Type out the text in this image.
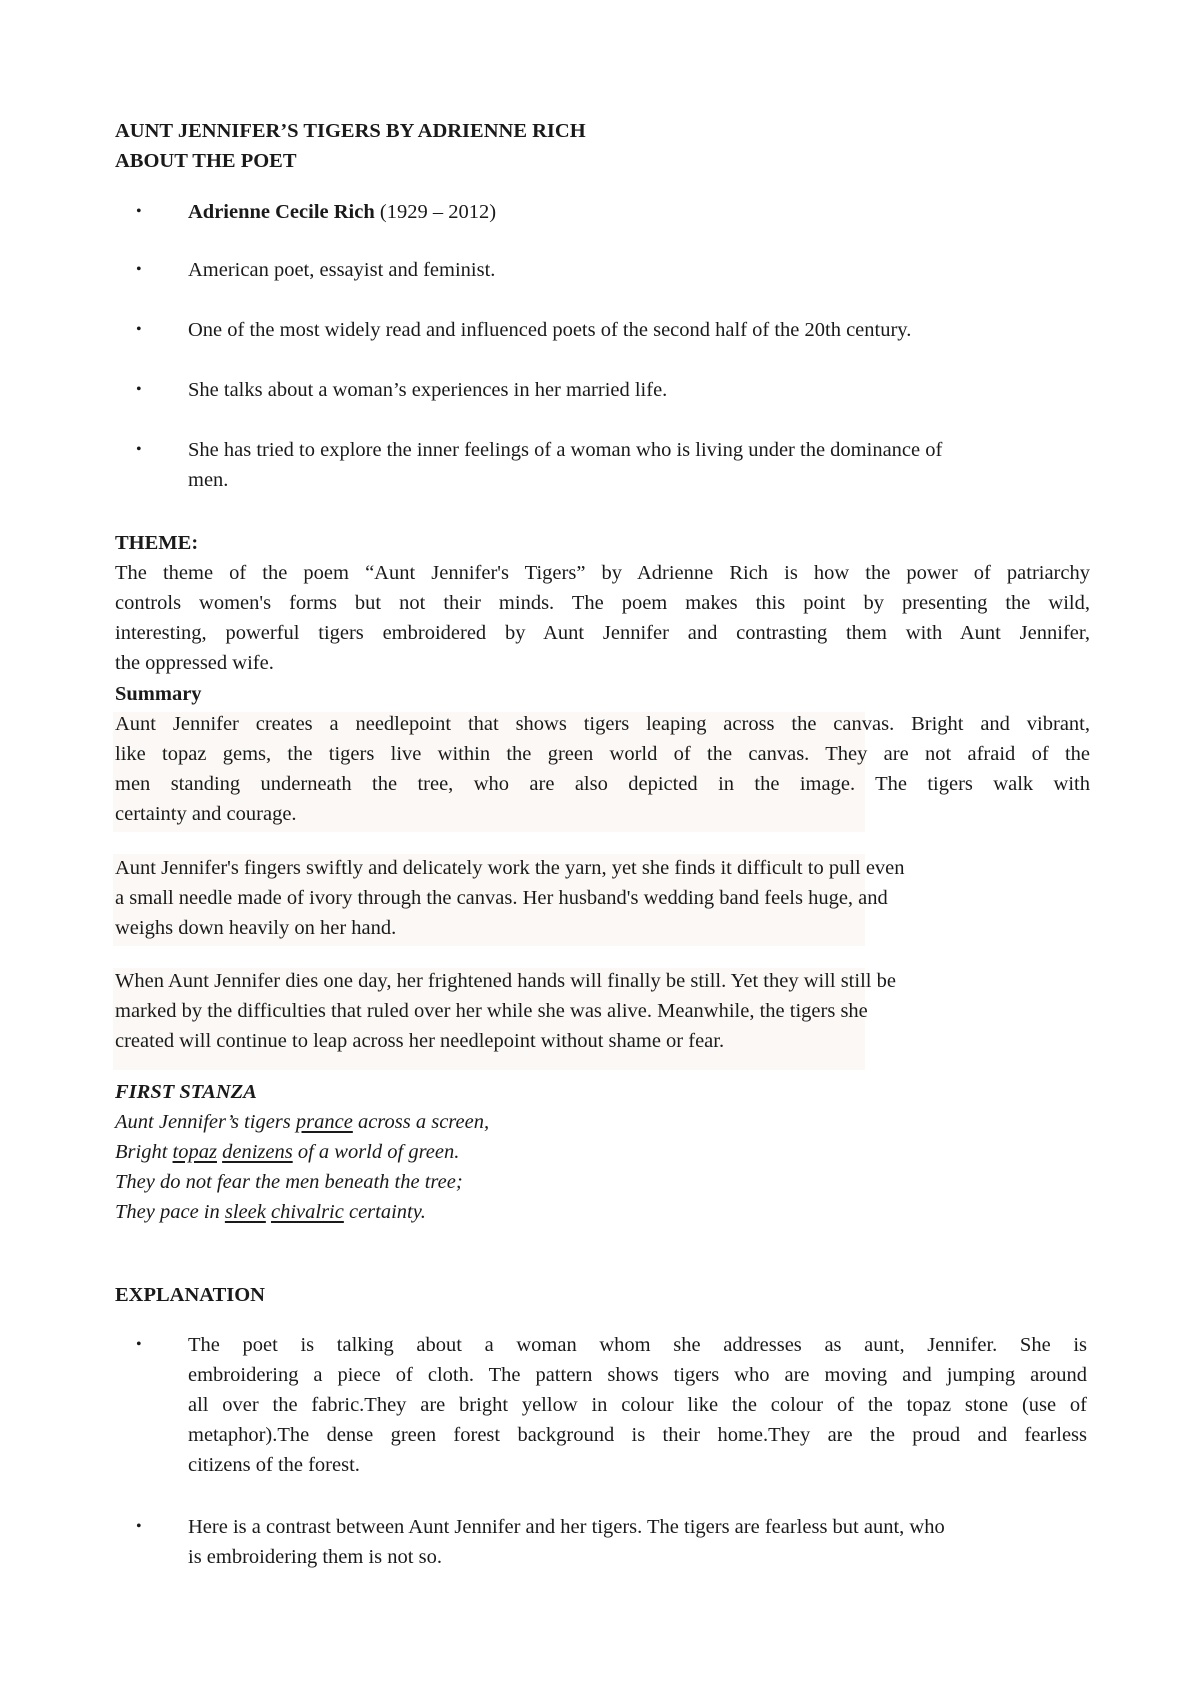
AUNT JENNIFER’S TIGERS BY ADRIENNE RICH
ABOUT THE POET
• Adrienne Cecile Rich (1929 – 2012)
• American poet, essayist and feminist.
• One of the most widely read and influenced poets of the second half of the 20th century.
• She talks about a woman’s experiences in her married life.
• She has tried to explore the inner feelings of a woman who is living under the dominance of
men.
THEME:
The theme of the poem “Aunt Jennifer's Tigers” by Adrienne Rich is how the power of patriarchy
controls women's forms but not their minds. The poem makes this point by presenting the wild,
interesting, powerful tigers embroidered by Aunt Jennifer and contrasting them with Aunt Jennifer,
the oppressed wife.
Summary
Aunt Jennifer creates a needlepoint that shows tigers leaping across the canvas. Bright and vibrant,
like topaz gems, the tigers live within the green world of the canvas. They are not afraid of the
men standing underneath the tree, who are also depicted in the image. The tigers walk with
certainty and courage.
Aunt Jennifer's fingers swiftly and delicately work the yarn, yet she finds it difficult to pull even
a small needle made of ivory through the canvas. Her husband's wedding band feels huge, and
weighs down heavily on her hand.
When Aunt Jennifer dies one day, her frightened hands will finally be still. Yet they will still be
marked by the difficulties that ruled over her while she was alive. Meanwhile, the tigers she
created will continue to leap across her needlepoint without shame or fear.
FIRST STANZA
Aunt Jennifer’s tigers prance across a screen,
Bright topaz denizens of a world of green.
They do not fear the men beneath the tree;
They pace in sleek chivalric certainty.
EXPLANATION
• The poet is talking about a woman whom she addresses as aunt, Jennifer. She is
embroidering a piece of cloth. The pattern shows tigers who are moving and jumping around
all over the fabric.They are bright yellow in colour like the colour of the topaz stone (use of
metaphor).The dense green forest background is their home.They are the proud and fearless
citizens of the forest.
• Here is a contrast between Aunt Jennifer and her tigers. The tigers are fearless but aunt, who
is embroidering them is not so.
